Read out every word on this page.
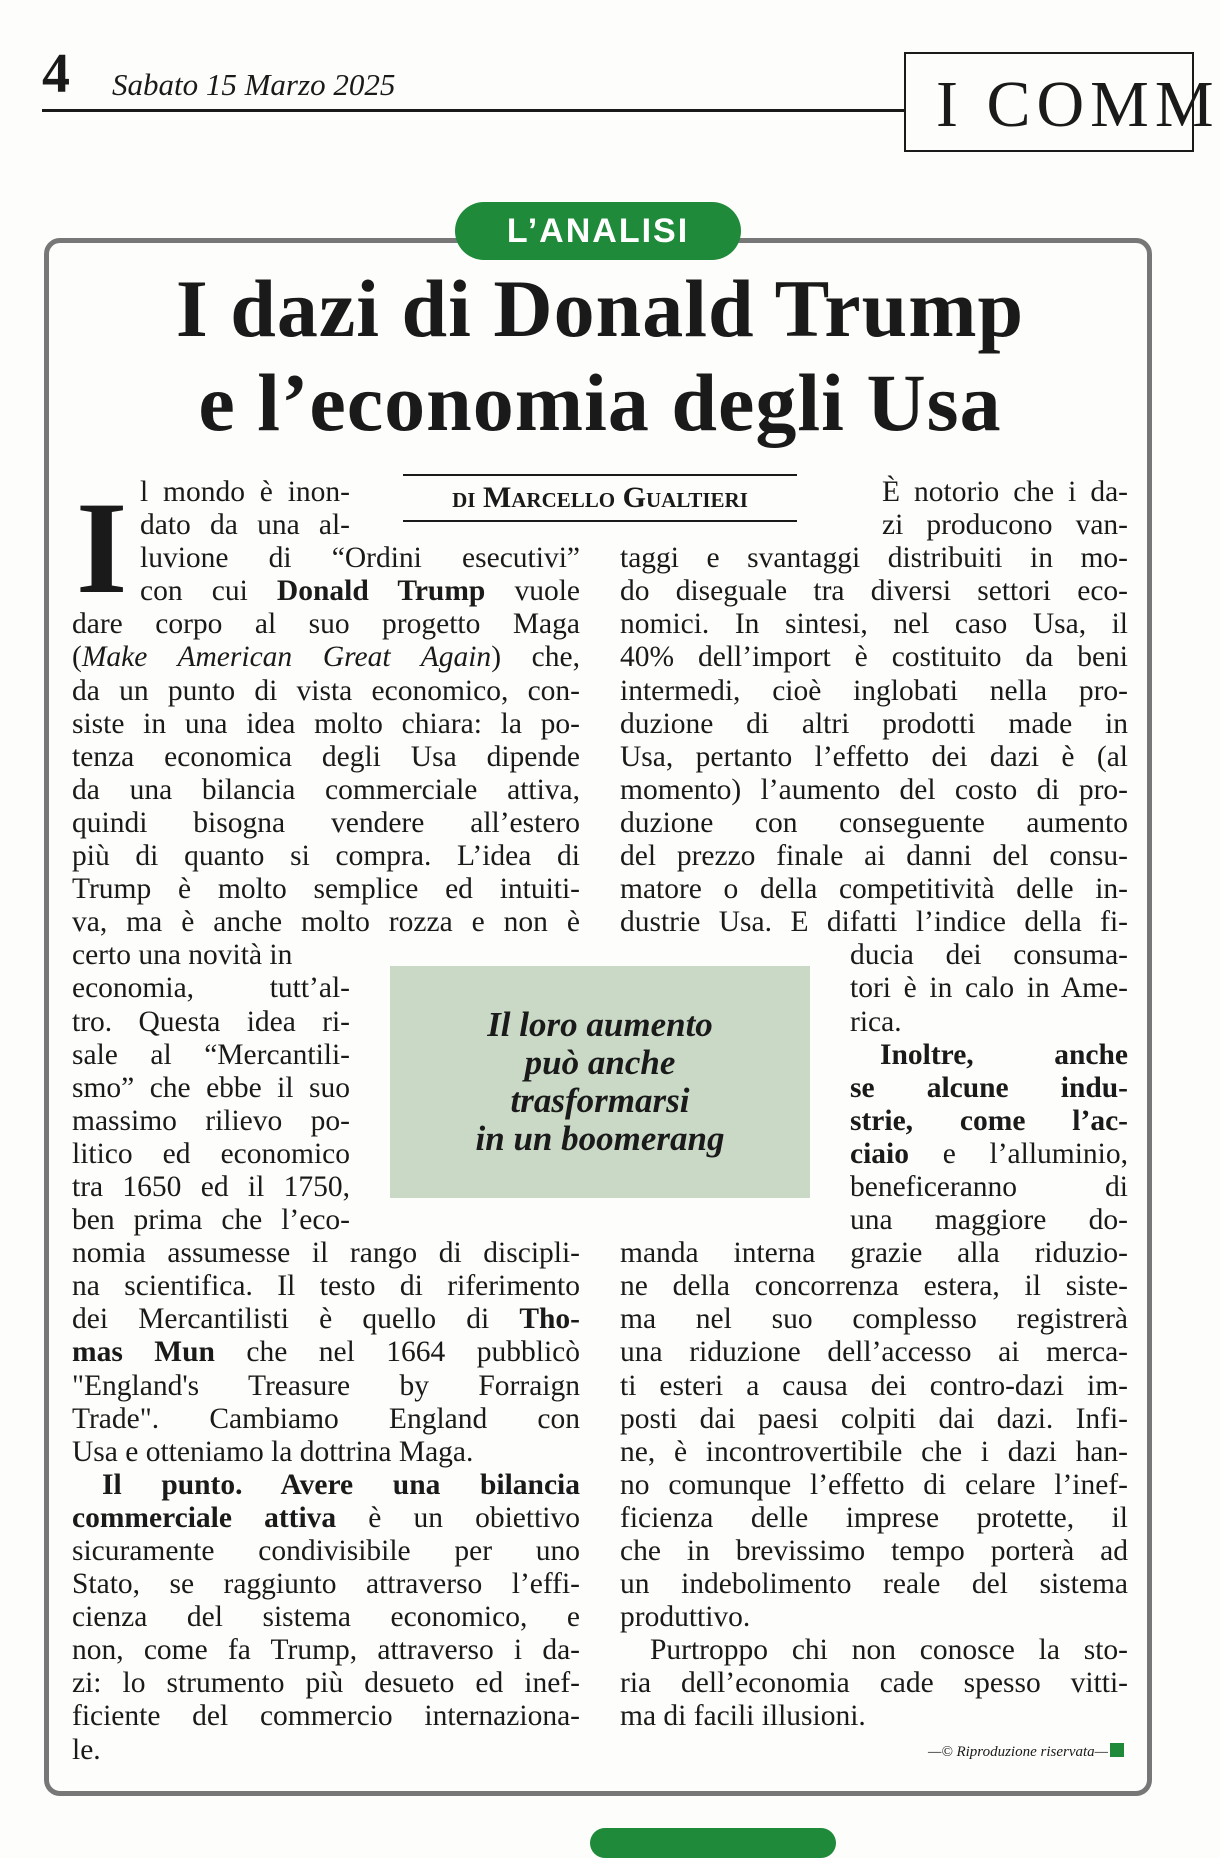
4 Sabato 15 Marzo 2025	I COMM
L’ANALISI
I dazi di Donald Trump
e l’economia degli Usa
di Marcello Gualtieri
I l mondo è inon-
dato da una al-
luvione di “Ordini esecutivi”
con cui Donald Trump vuole
dare corpo al suo progetto Maga
(Make American Great Again) che,
da un punto di vista economico, con-
siste in una idea molto chiara: la po-
tenza economica degli Usa dipende
da una bilancia commerciale attiva,
quindi bisogna vendere all’estero
più di quanto si compra. L’idea di
Trump è molto semplice ed intuiti-
va, ma è anche molto rozza e non è
certo una novità in
economia, tutt’al-
tro. Questa idea ri-
sale al “Mercantili-
smo” che ebbe il suo
massimo rilievo po-
litico ed economico
tra 1650 ed il 1750,
ben prima che l’eco-
nomia assumesse il rango di discipli-
na scientifica. Il testo di riferimento
dei Mercantilisti è quello di Tho-
mas Mun che nel 1664 pubblicò
"England's Treasure by Forraign
Trade". Cambiamo England con
Usa e otteniamo la dottrina Maga.
Il punto. Avere una bilancia
commerciale attiva è un obiettivo
sicuramente condivisibile per uno
Stato, se raggiunto attraverso l’effi-
cienza del sistema economico, e
non, come fa Trump, attraverso i da-
zi: lo strumento più desueto ed inef-
ficiente del commercio internaziona-
le.
È notorio che i da-
zi producono van-
taggi e svantaggi distribuiti in mo-
do diseguale tra diversi settori eco-
nomici. In sintesi, nel caso Usa, il
40% dell’import è costituito da beni
intermedi, cioè inglobati nella pro-
duzione di altri prodotti made in
Usa, pertanto l’effetto dei dazi è (al
momento) l’aumento del costo di pro-
duzione con conseguente aumento
del prezzo finale ai danni del consu-
matore o della competitività delle in-
dustrie Usa. E difatti l’indice della fi-
ducia dei consuma-
tori è in calo in Ame-
rica.
Inoltre, anche
se alcune indu-
strie, come l’ac-
ciaio e l’alluminio,
beneficeranno di
una maggiore do-
manda interna grazie alla riduzio-
ne della concorrenza estera, il siste-
ma nel suo complesso registrerà
una riduzione dell’accesso ai merca-
ti esteri a causa dei contro-dazi im-
posti dai paesi colpiti dai dazi. Infi-
ne, è incontrovertibile che i dazi han-
no comunque l’effetto di celare l’inef-
ficienza delle imprese protette, il
che in brevissimo tempo porterà ad
un indebolimento reale del sistema
produttivo.
Purtroppo chi non conosce la sto-
ria dell’economia cade spesso vitti-
ma di facili illusioni.
Il loro aumento
può anche
trasformarsi
in un boomerang
—© Riproduzione riservata—
